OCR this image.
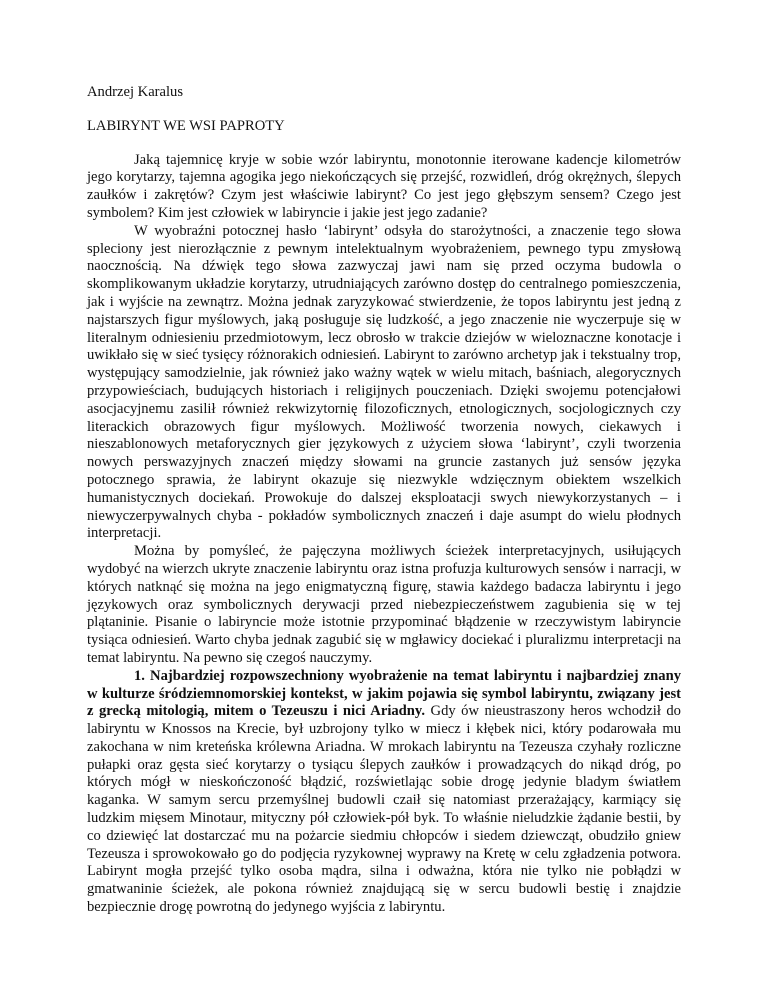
Andrzej Karalus

LABIRYNT WE WSI PAPROTY

Jaką tajemnicę kryje w sobie wzór labiryntu, monotonnie iterowane kadencje kilometrów jego korytarzy, tajemna agogika jego niekończących się przejść, rozwidleń, dróg okrężnych, ślepych zaułków i zakrętów? Czym jest właściwie labirynt? Co jest jego głębszym sensem? Czego jest symbolem? Kim jest człowiek w labiryncie i jakie jest jego zadanie?

W wyobraźni potocznej hasło ‘labirynt’ odsyła do starożytności, a znaczenie tego słowa spleciony jest nierozłącznie z pewnym intelektualnym wyobrażeniem, pewnego typu zmysłową naocznością. Na dźwięk tego słowa zazwyczaj jawi nam się przed oczyma budowla o skomplikowanym układzie korytarzy, utrudniających zarówno dostęp do centralnego pomieszczenia, jak i wyjście na zewnątrz. Można jednak zaryzykować stwierdzenie, że topos labiryntu jest jedną z najstarszych figur myślowych, jaką posługuje się ludzkość, a jego znaczenie nie wyczerpuje się w literalnym odniesieniu przedmiotowym, lecz obrosło w trakcie dziejów w wieloznaczne konotacje i uwikłało się w sieć tysięcy różnorakich odniesień. Labirynt to zarówno archetyp jak i tekstualny trop, występujący samodzielnie, jak również jako ważny wątek w wielu mitach, baśniach, alegorycznych przypowieściach, budujących historiach i religijnych pouczeniach. Dzięki swojemu potencjałowi asocjacyjnemu zasilił również rekwizytornię filozoficznych, etnologicznych, socjologicznych czy literackich obrazowych figur myślowych. Możliwość tworzenia nowych, ciekawych i nieszablonowych metaforycznych gier językowych z użyciem słowa ‘labirynt’, czyli tworzenia nowych perswazyjnych znaczeń między słowami na gruncie zastanych już sensów języka potocznego sprawia, że labirynt okazuje się niezwykle wdzięcznym obiektem wszelkich humanistycznych dociekań. Prowokuje do dalszej eksploatacji swych niewykorzystanych – i niewyczerpywalnych chyba - pokładów symbolicznych znaczeń i daje asumpt do wielu płodnych interpretacji.

Można by pomyśleć, że pajęczyna możliwych ścieżek interpretacyjnych, usiłujących wydobyć na wierzch ukryte znaczenie labiryntu oraz istna profuzja kulturowych sensów i narracji, w których natknąć się można na jego enigmatyczną figurę, stawia każdego badacza labiryntu i jego językowych oraz symbolicznych derywacji przed niebezpieczeństwem zagubienia się w tej plątaninie. Pisanie o labiryncie może istotnie przypominać błądzenie w rzeczywistym labiryncie tysiąca odniesień. Warto chyba jednak zagubić się w mgławicy dociekać i pluralizmu interpretacji na temat labiryntu. Na pewno się czegoś nauczymy.

1. Najbardziej rozpowszechniony wyobrażenie na temat labiryntu i najbardziej znany w kulturze śródziemnomorskiej kontekst, w jakim pojawia się symbol labiryntu, związany jest z grecką mitologią, mitem o Tezeuszu i nici Ariadny. Gdy ów nieustraszony heros wchodził do labiryntu w Knossos na Krecie, był uzbrojony tylko w miecz i kłębek nici, który podarowała mu zakochana w nim kreteńska królewna Ariadna. W mrokach labiryntu na Tezeusza czyhały rozliczne pułapki oraz gęsta sieć korytarzy o tysiącu ślepych zaułków i prowadzących do nikąd dróg, po których mógł w nieskończoność błądzić, rozświetlając sobie drogę jedynie bladym światłem kaganka. W samym sercu przemyślnej budowli czaił się natomiast przerażający, karmiący się ludzkim mięsem Minotaur, mityczny pół człowiek-pół byk. To właśnie nieludzkie żądanie bestii, by co dziewięć lat dostarczać mu na pożarcie siedmiu chłopców i siedem dziewcząt, obudziło gniew Tezeusza i sprowokowało go do podjęcia ryzykownej wyprawy na Kretę w celu zgładzenia potwora. Labirynt mogła przejść tylko osoba mądra, silna i odważna, która nie tylko nie pobłądzi w gmatwaninie ścieżek, ale pokona również znajdującą się w sercu budowli bestię i znajdzie bezpiecznie drogę powrotną do jedynego wyjścia z labiryntu.
